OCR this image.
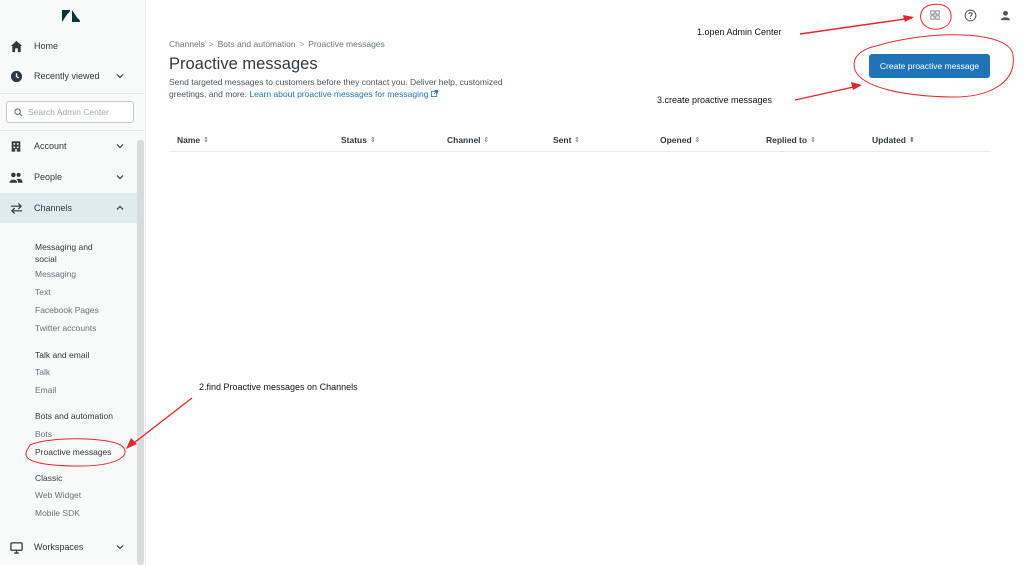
Home
Recently viewed
Search Admin Center
Account
People
Channels
Messaging and social
Messaging
Text
Facebook Pages
Twitter accounts
Talk and email
Talk
Email
Bots and automation
Bots
Proactive messages
Classic
Web Widget
Mobile SDK
Workspaces
Channels > Bots and automation > Proactive messages
Proactive messages
Send targeted messages to customers before they contact you. Deliver help, customized greetings, and more. Learn about proactive messages for messaging
Create proactive message
Name ⇕	Status ⇕	Channel ⇕	Sent ⇕	Opened ⇕	Replied to ⇕	Updated ⬍
1.open Admin Center
3.create proactive messages
2.find Proactive messages on Channels
